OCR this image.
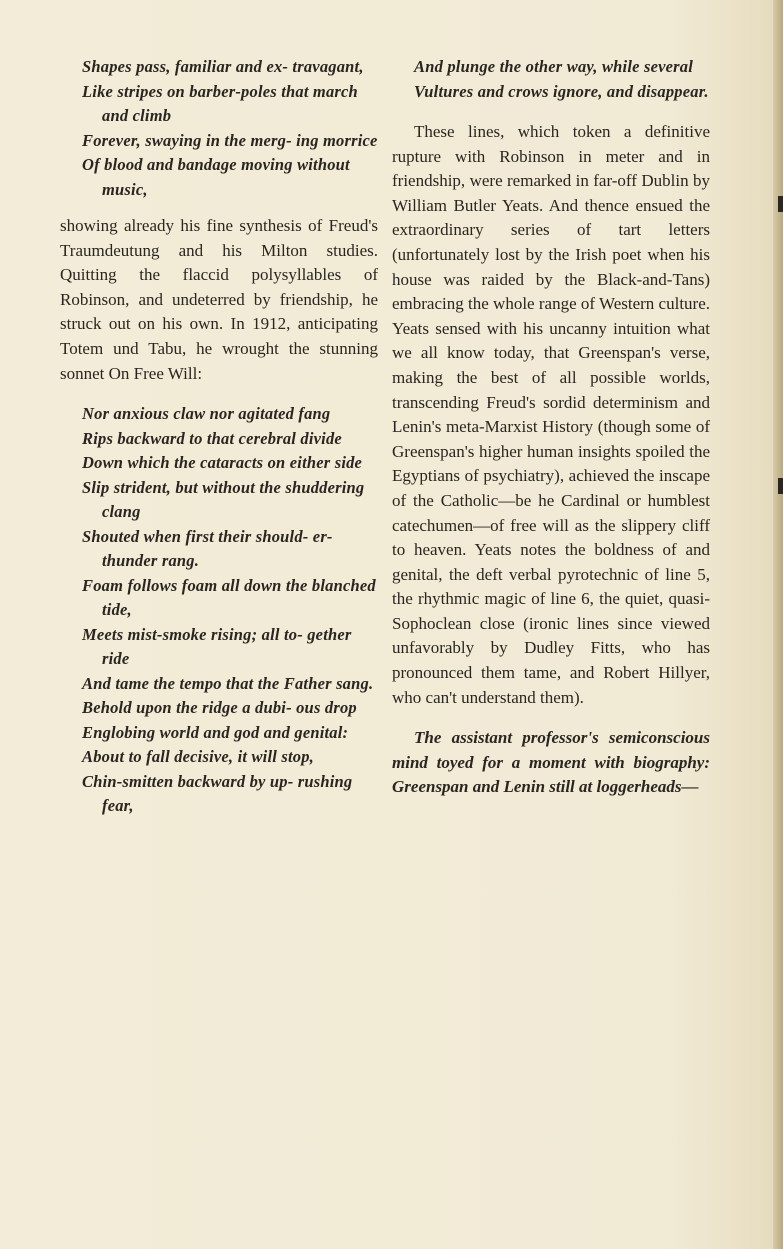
Shapes pass, familiar and ex- travagant,
Like stripes on barber-poles that march and climb
Forever, swaying in the merg- ing morrice
Of blood and bandage moving without music,

showing already his fine synthesis of Freud's Traumdeutung and his Milton studies. Quitting the flaccid polysyllables of Robinson, and undeterred by friendship, he struck out on his own. In 1912, anticipating Totem und Tabu, he wrought the stunning sonnet On Free Will:

Nor anxious claw nor agitated fang
Rips backward to that cerebral divide
Down which the cataracts on either side
Slip strident, but without the shuddering clang
Shouted when first their should- er-thunder rang.
Foam follows foam all down the blanched tide,
Meets mist-smoke rising; all to- gether ride
And tame the tempo that the Father sang.
Behold upon the ridge a dubi- ous drop
Englobing world and god and genital:
About to fall decisive, it will stop,
Chin-smitten backward by up- rushing fear,
And plunge the other way, while several
Vultures and crows ignore, and disappear.

These lines, which token a definitive rupture with Robinson in meter and in friendship, were remarked in far-off Dublin by William Butler Yeats. And thence ensued the extraordinary series of tart letters (unfortunately lost by the Irish poet when his house was raided by the Black-and-Tans) embracing the whole range of Western culture. Yeats sensed with his uncanny intuition what we all know today, that Greenspan's verse, making the best of all possible worlds, transcending Freud's sordid determinism and Lenin's meta-Marxist History (though some of Greenspan's higher human insights spoiled the Egyptians of psychiatry), achieved the inscape of the Catholic—be he Cardinal or humblest catechumen—of free will as the slippery cliff to heaven. Yeats notes the boldness of and genital, the deft verbal pyrotechnic of line 5, the rhythmic magic of line 6, the quiet, quasi-Sophoclean close (ironic lines since viewed unfavorably by Dudley Fitts, who has pronounced them tame, and Robert Hillyer, who can't understand them).

The assistant professor's semiconscious mind toyed for a moment with biography: Greenspan and Lenin still at loggerheads—
